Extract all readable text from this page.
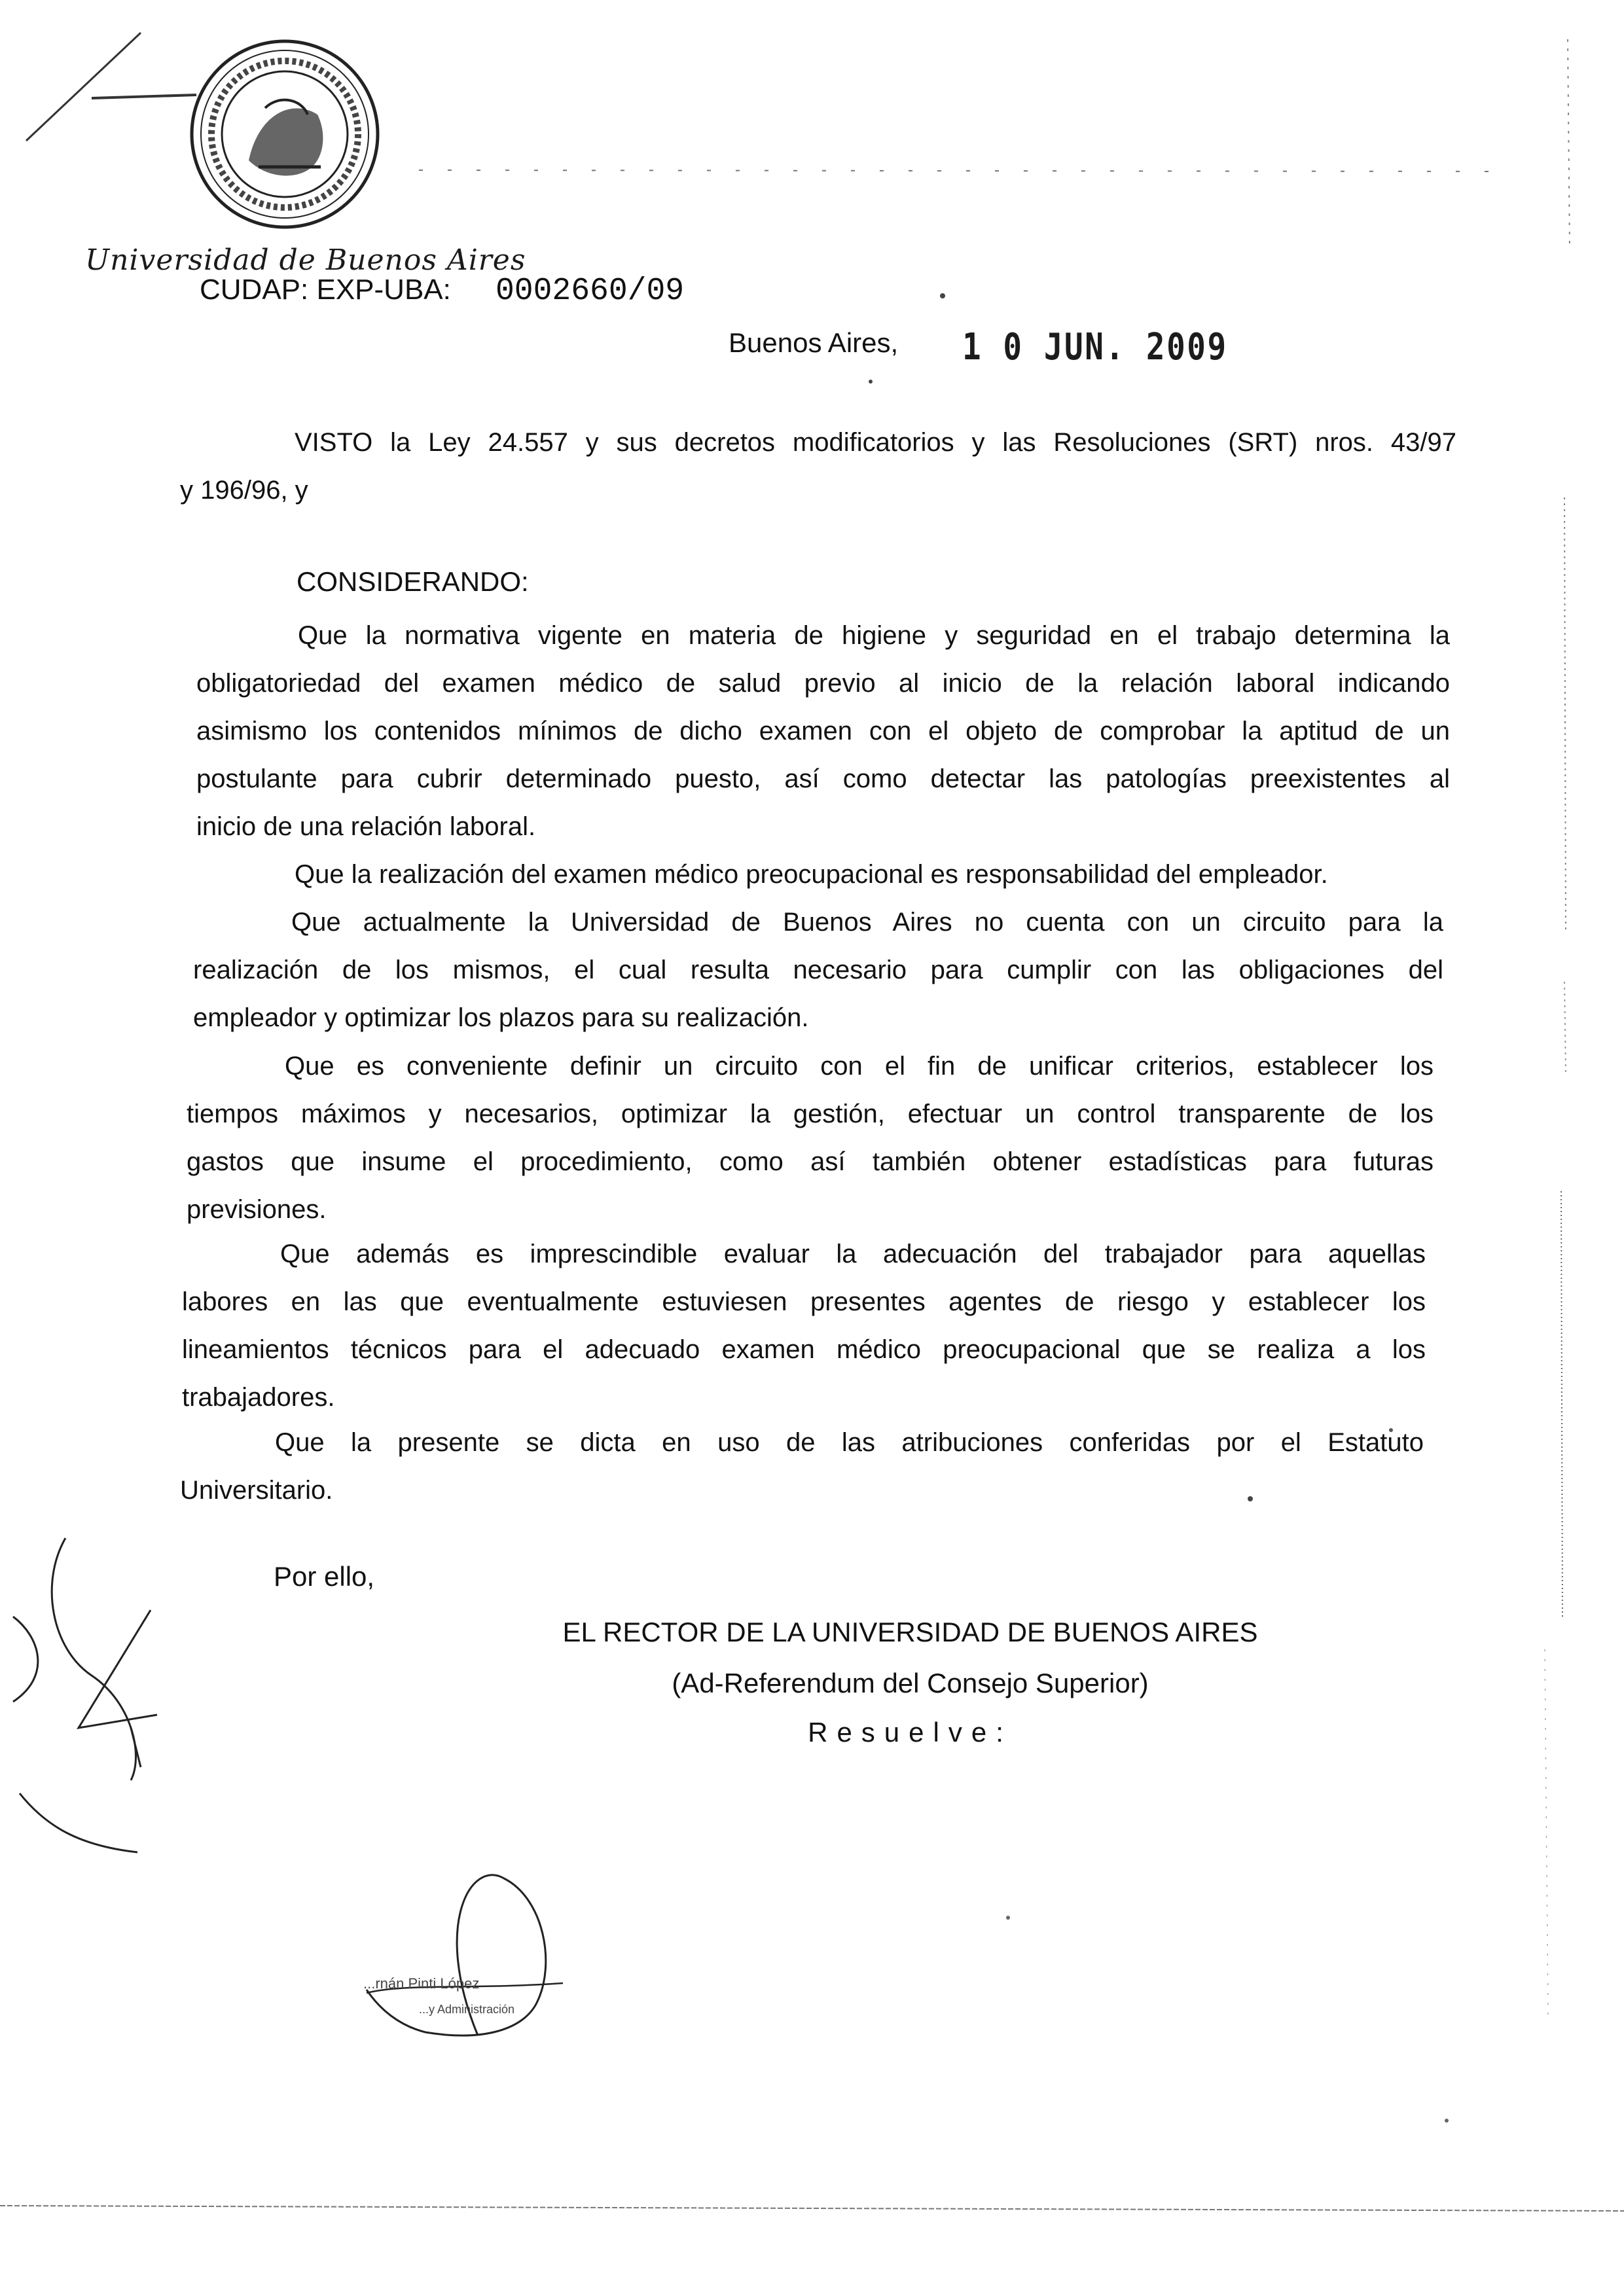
Universidad de Buenos Aires
CUDAP: EXP-UBA: 0002660/09
Buenos Aires, 1 0 JUN. 2009
VISTO la Ley 24.557 y sus decretos modificatorios y las Resoluciones (SRT) nros. 43/97
y 196/96, y
CONSIDERANDO:
Que la normativa vigente en materia de higiene y seguridad en el trabajo determina la
obligatoriedad del examen médico de salud previo al inicio de la relación laboral indicando
asimismo los contenidos mínimos de dicho examen con el objeto de comprobar la aptitud de un
postulante para cubrir determinado puesto, así como detectar las patologías preexistentes al
inicio de una relación laboral.
Que la realización del examen médico preocupacional es responsabilidad del empleador.
Que actualmente la Universidad de Buenos Aires no cuenta con un circuito para la
realización de los mismos, el cual resulta necesario para cumplir con las obligaciones del
empleador y optimizar los plazos para su realización.
Que es conveniente definir un circuito con el fin de unificar criterios, establecer los
tiempos máximos y necesarios, optimizar la gestión, efectuar un control transparente de los
gastos que insume el procedimiento, como así también obtener estadísticas para futuras
previsiones.
Que además es imprescindible evaluar la adecuación del trabajador para aquellas
labores en las que eventualmente estuviesen presentes agentes de riesgo y establecer los
lineamientos técnicos para el adecuado examen médico preocupacional que se realiza a los
trabajadores.
Que la presente se dicta en uso de las atribuciones conferidas por el Estatuto
Universitario.
Por ello,
EL RECTOR DE LA UNIVERSIDAD DE BUENOS AIRES
(Ad-Referendum del Consejo Superior)
Resuelve:
...rnán Pinti López
...y Administración
